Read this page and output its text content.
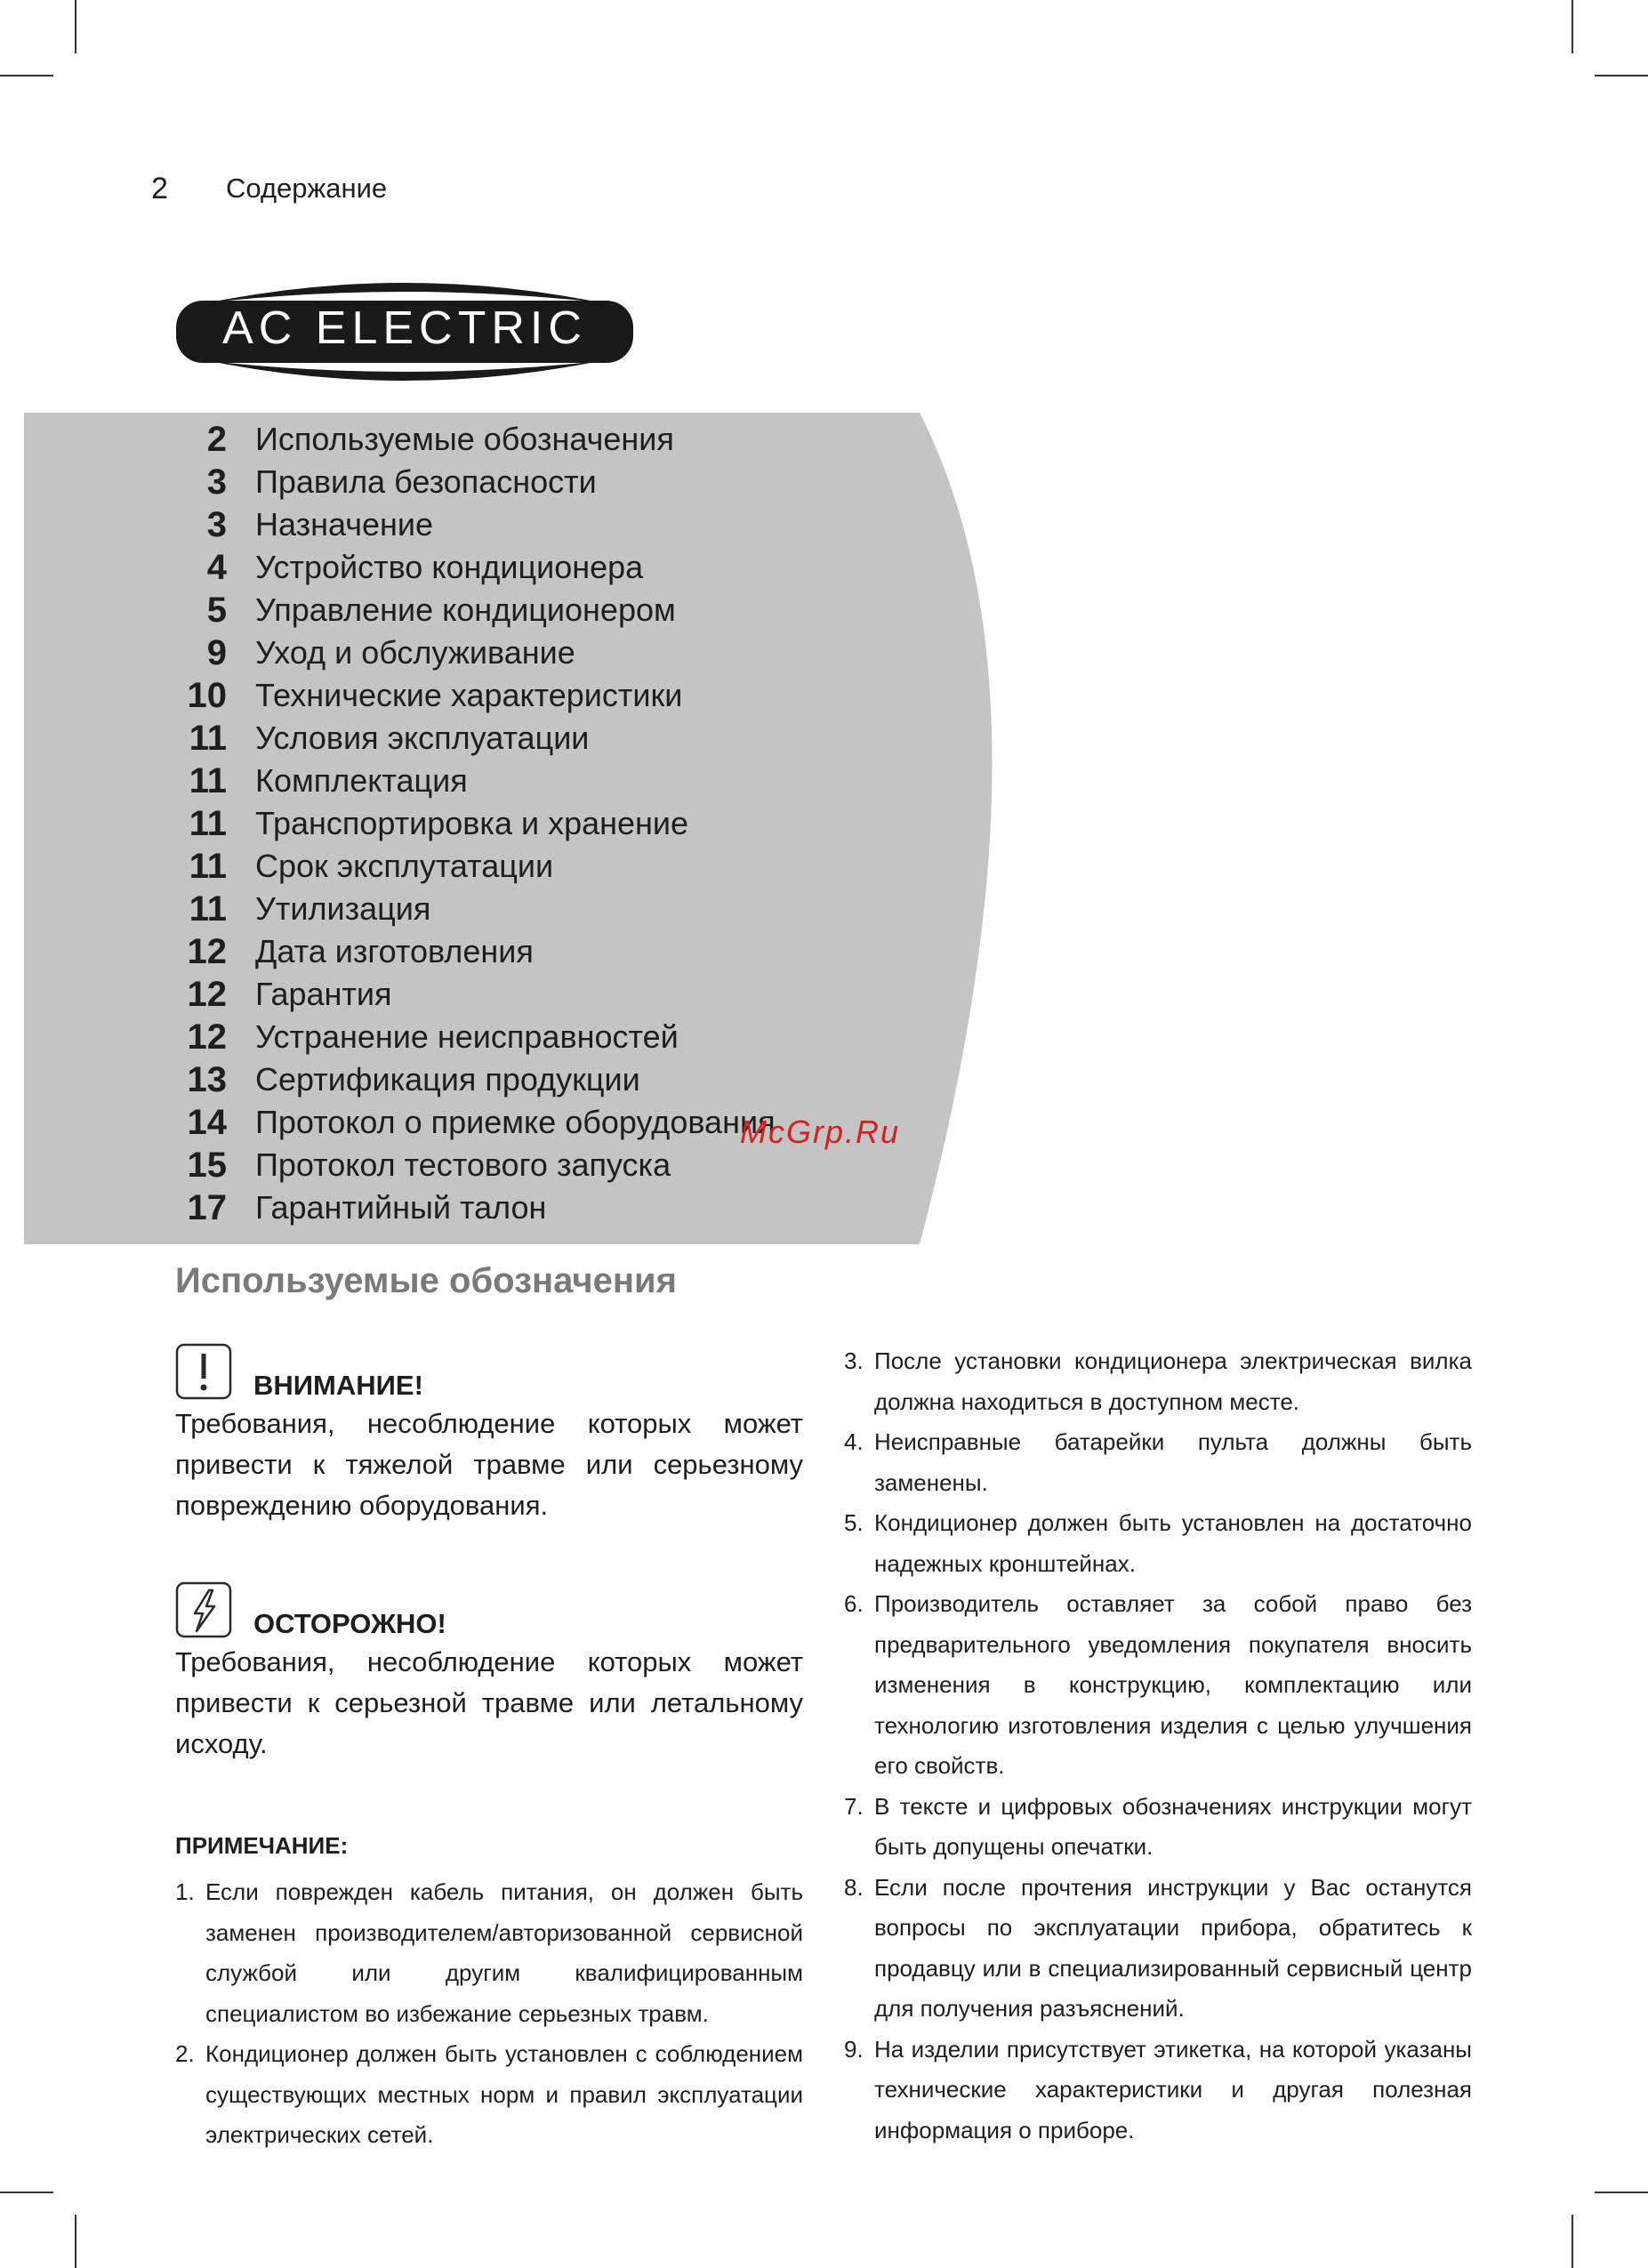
2	Содержание
AC ELECTRIC
2 Используемые обозначения
3 Правила безопасности
3 Назначение
4 Устройство кондиционера
5 Управление кондиционером
9 Уход и обслуживание
10 Технические характеристики
11 Условия эксплуатации
11 Комплектация
11 Транспортировка и хранение
11 Срок эксплутатации
11 Утилизация
12 Дата изготовления
12 Гарантия
12 Устранение неисправностей
13 Сертификация продукции
14 Протокол о приемке оборудования
15 Протокол тестового запуска
17 Гарантийный талон
McGrp.Ru
Используемые обозначения
ВНИМАНИЕ!
Требования, несоблюдение которых может привести к тяжелой травме или серьезному повреждению оборудования.
ОСТОРОЖНО!
Требования, несоблюдение которых может привести к серьезной травме или летальному исходу.
ПРИМЕЧАНИЕ:
1. Если поврежден кабель питания, он должен быть заменен производителем/авторизованной сервисной службой или другим квалифицированным специалистом во избежание серьезных травм.
2. Кондиционер должен быть установлен с соблюдением существующих местных норм и правил эксплуатации электрических сетей.
3. После установки кондиционера электрическая вилка должна находиться в доступном месте.
4. Неисправные батарейки пульта должны быть заменены.
5. Кондиционер должен быть установлен на достаточно надежных кронштейнах.
6. Производитель оставляет за собой право без предварительного уведомления покупателя вносить изменения в конструкцию, комплектацию или технологию изготовления изделия с целью улучшения его свойств.
7. В тексте и цифровых обозначениях инструкции могут быть допущены опечатки.
8. Если после прочтения инструкции у Вас останутся вопросы по эксплуатации прибора, обратитесь к продавцу или в специализированный сервисный центр для получения разъяснений.
9. На изделии присутствует этикетка, на которой указаны технические характеристики и другая полезная информация о приборе.
